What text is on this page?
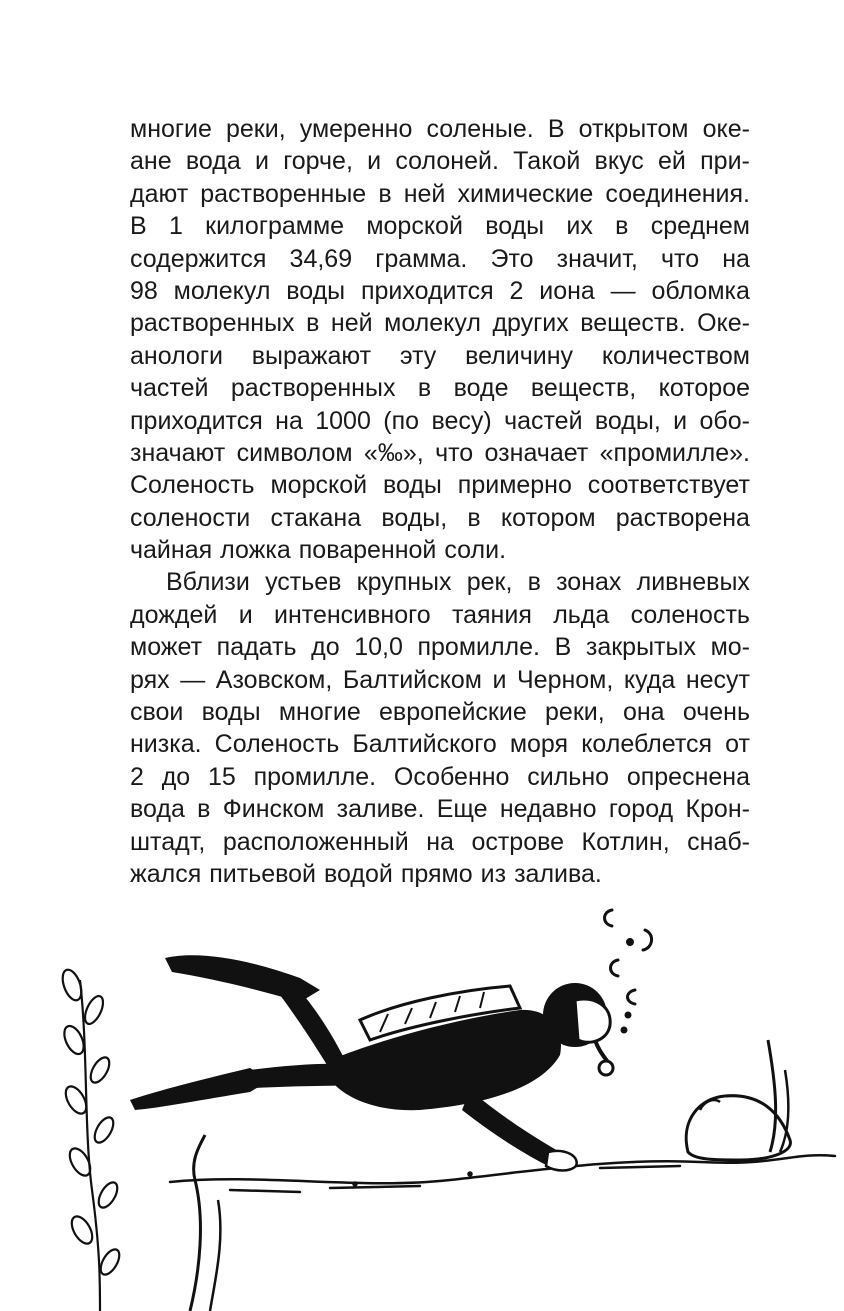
многие реки, умеренно соленые. В открытом оке-
ане вода и горче, и солоней. Такой вкус ей при-
дают растворенные в ней химические соединения.
В 1 килограмме морской воды их в среднем
содержится 34,69 грамма. Это значит, что на
98 молекул воды приходится 2 иона — обломка
растворенных в ней молекул других веществ. Оке-
анологи выражают эту величину количеством
частей растворенных в воде веществ, которое
приходится на 1000 (по весу) частей воды, и обо-
значают символом «‰», что означает «промилле».
Соленость морской воды примерно соответствует
солености стакана воды, в котором растворена
чайная ложка поваренной соли.
Вблизи устьев крупных рек, в зонах ливневых
дождей и интенсивного таяния льда соленость
может падать до 10,0 промилле. В закрытых мо-
рях — Азовском, Балтийском и Черном, куда несут
свои воды многие европейские реки, она очень
низка. Соленость Балтийского моря колеблется от
2 до 15 промилле. Особенно сильно опреснена
вода в Финском заливе. Еще недавно город Крон-
штадт, расположенный на острове Котлин, снаб-
жался питьевой водой прямо из залива.
